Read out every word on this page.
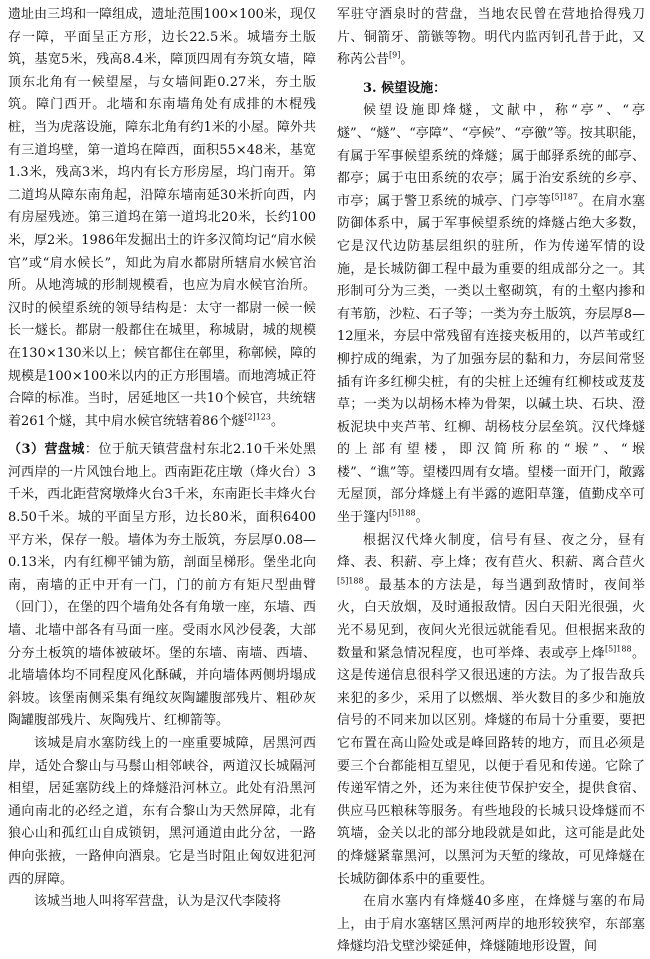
遗址由三坞和一障组成，遗址范围100×100米，现仅存一障，平面呈正方形，边长22.5米。城墙夯土版筑，基宽5米，残高8.4米，障顶四周有夯筑女墙，障顶东北角有一候望屋，与女墙间距0.27米，夯土版筑。障门西开。北墙和东南墙角处有成排的木棍残桩，当为虎落设施，障东北角有约1米的小屋。障外共有三道坞壁，第一道坞在障西，面积55×48米，基宽1.3米，残高3米，坞内有长方形房屋，坞门南开。第二道坞从障东南角起，沿障东墙南延30米折向西，内有房屋残迹。第三道坞在第一道坞北20米，长约100米，厚2米。1986年发掘出土的许多汉简均记“肩水候官”或“肩水候长”，知此为肩水都尉所辖肩水候官治所。从地湾城的形制规模看，也应为肩水候官治所。汉时的候望系统的领导结构是：太守一都尉一候一候长一燧长。都尉一般都住在城里，称城尉，城的规模在130×130米以上；候官都住在鄣里，称鄣候，障的规模是100×100米以内的正方形围墙。而地湾城正符合障的标准。当时，居延地区一共10个候官，共统辖着261个燧，其中肩水候官统辖着86个燧$^{[2]123}$。

（3）营盘城：位于航天镇营盘村东北2.10千米处黑河西岸的一片风蚀台地上。西南距花庄墩（烽火台）3千米，西北距营窝墩烽火台3千米，东南距长丰烽火台8.50千米。城的平面呈方形，边长80米，面积6400平方米，保存一般。墙体为夯土版筑，夯层厚0.08—0.13米，内有红柳平铺为筋，剖面呈梯形。堡坐北向南，南墙的正中开有一门，门的前方有矩尺型曲臂（回门），在堡的四个墙角处各有角墩一座，东墙、西墙、北墙中部各有马面一座。受雨水风沙侵袭，大部分夯土板筑的墙体被破坏。堡的东墙、南墙、西墙、北墙墙体均不同程度风化酥碱，并向墙体两侧坍塌成斜坡。该堡南侧采集有绳纹灰陶罐腹部残片、粗砂灰陶罐腹部残片、灰陶残片、红柳箭等。

该城是肩水塞防线上的一座重要城障，居黑河西岸，适处合黎山与马鬃山相邻峡谷，两道汉长城隔河相望，居延塞防线上的烽燧沿河林立。此处有沿黑河通向南北的必经之道，东有合黎山为天然屏障，北有狼心山和孤红山自成锁钥，黑河通道由此分岔，一路伸向张掖，一路伸向酒泉。它是当时阻止匈奴进犯河西的屏障。

该城当地人叫将军营盘，认为是汉代李陵将

军驻守酒泉时的营盘，当地农民曾在营地拾得残刀片、铜箭牙、箭镞等物。明代内监丙钊孔昔于此，又称芮公昔[9]。

3. 候望设施：

候望设施即烽燧，文献中，称“亭”、“亭燧”、“燧”、“亭障”、“亭候”、“亭徼”等。按其职能，有属于军事候望系统的烽燧；属于邮驿系统的邮亭、都亭；属于屯田系统的农亭；属于治安系统的乡亭、市亭；属于警卫系统的城亭、门亭等$^{[5]187}$。在肩水塞防御体系中，属于军事候望系统的烽燧占绝大多数，它是汉代边防基层组织的驻所，作为传递军情的设施，是长城防御工程中最为重要的组成部分之一。其形制可分为三类，一类以土壑砌筑，有的土壑内掺和有苇筋，沙粒、石子等；一类为夯土版筑，夯层厚8—12厘米，夯层中常残留有连接夹板用的，以芦苇或红柳拧成的绳索，为了加强夯层的黏和力，夯层间常竖插有许多红柳尖桩，有的尖桩上还缠有红柳枝或芨芨草；一类为以胡杨木棒为骨架，以碱土块、石块、澄板泥块中夹芦苇、红柳、胡杨枝分层垒筑。汉代烽燧的上部有望楼，即汉简所称的“堠”、“堠楼”、“谯”等。望楼四周有女墙。望楼一面开门，敞露无屋顶，部分烽燧上有半露的遮阳草篷，值勤戍卒可坐于篷内$^{[5]188}$。

根据汉代烽火制度，信号有昼、夜之分，昼有烽、表、积薪、亭上烽；夜有苣火、积薪、离合苣火$^{[5]188}$。最基本的方法是，每当遇到敌情时，夜间举火，白天放烟，及时通报敌情。因白天阳光很强，火光不易见到，夜间火光很远就能看见。但根据来敌的数量和紧急情况程度，也可举烽、表或亭上烽$^{[5]188}$。这是传递信息很科学又很迅速的方法。为了报告敌兵来犯的多少，采用了以燃烟、举火数目的多少和施放信号的不同来加以区别。烽燧的布局十分重要，要把它布置在高山险处或是峰回路转的地方，而且必须是要三个台都能相互望见，以便于看见和传递。它除了传递军情之外，还为来往使节保护安全，提供食宿、供应马匹粮秣等服务。有些地段的长城只设烽燧而不筑墙，金关以北的部分地段就是如此，这可能是此处的烽燧紧靠黑河，以黑河为天堑的缘故，可见烽燧在长城防御体系中的重要性。

在肩水塞内有烽燧40多座，在烽燧与塞的布局上，由于肩水塞辖区黑河两岸的地形较狭窄，东部塞烽燧均沿戈壁沙梁延伸，烽燧随地形设置，间
